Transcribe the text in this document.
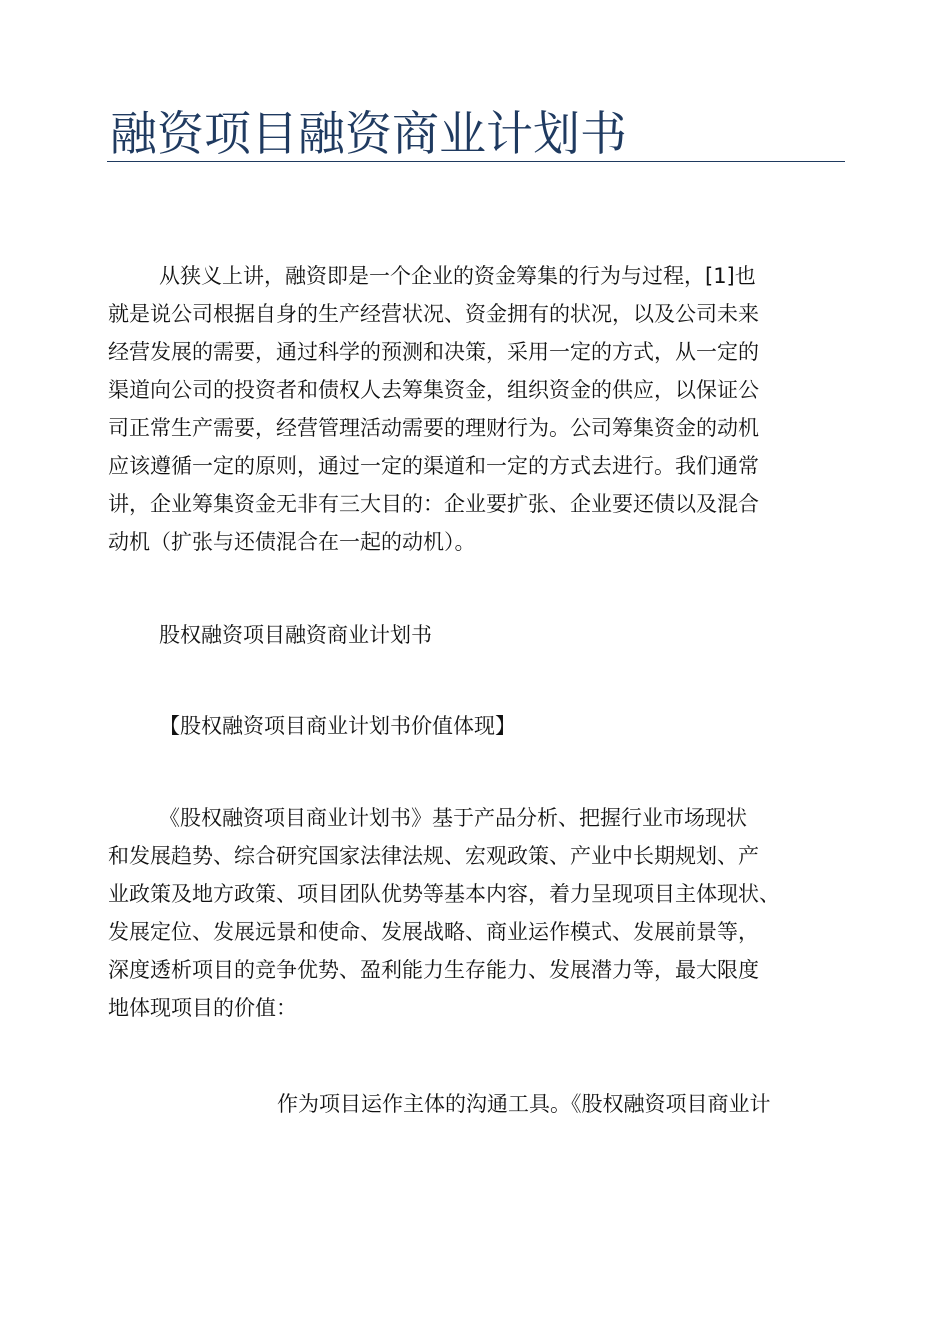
融资项目融资商业计划书
从狭义上讲，融资即是一个企业的资金筹集的行为与过程，[1]也
就是说公司根据自身的生产经营状况、资金拥有的状况，以及公司未来
经营发展的需要，通过科学的预测和决策，采用一定的方式，从一定的
渠道向公司的投资者和债权人去筹集资金，组织资金的供应，以保证公
司正常生产需要，经营管理活动需要的理财行为。公司筹集资金的动机
应该遵循一定的原则，通过一定的渠道和一定的方式去进行。我们通常
讲，企业筹集资金无非有三大目的：企业要扩张、企业要还债以及混合
动机（扩张与还债混合在一起的动机）。
股权融资项目融资商业计划书
【股权融资项目商业计划书价值体现】
《股权融资项目商业计划书》基于产品分析、把握行业市场现状
和发展趋势、综合研究国家法律法规、宏观政策、产业中长期规划、产
业政策及地方政策、项目团队优势等基本内容，着力呈现项目主体现状、
发展定位、发展远景和使命、发展战略、商业运作模式、发展前景等，
深度透析项目的竞争优势、盈利能力生存能力、发展潜力等，最大限度
地体现项目的价值：
作为项目运作主体的沟通工具。《股权融资项目商业计
